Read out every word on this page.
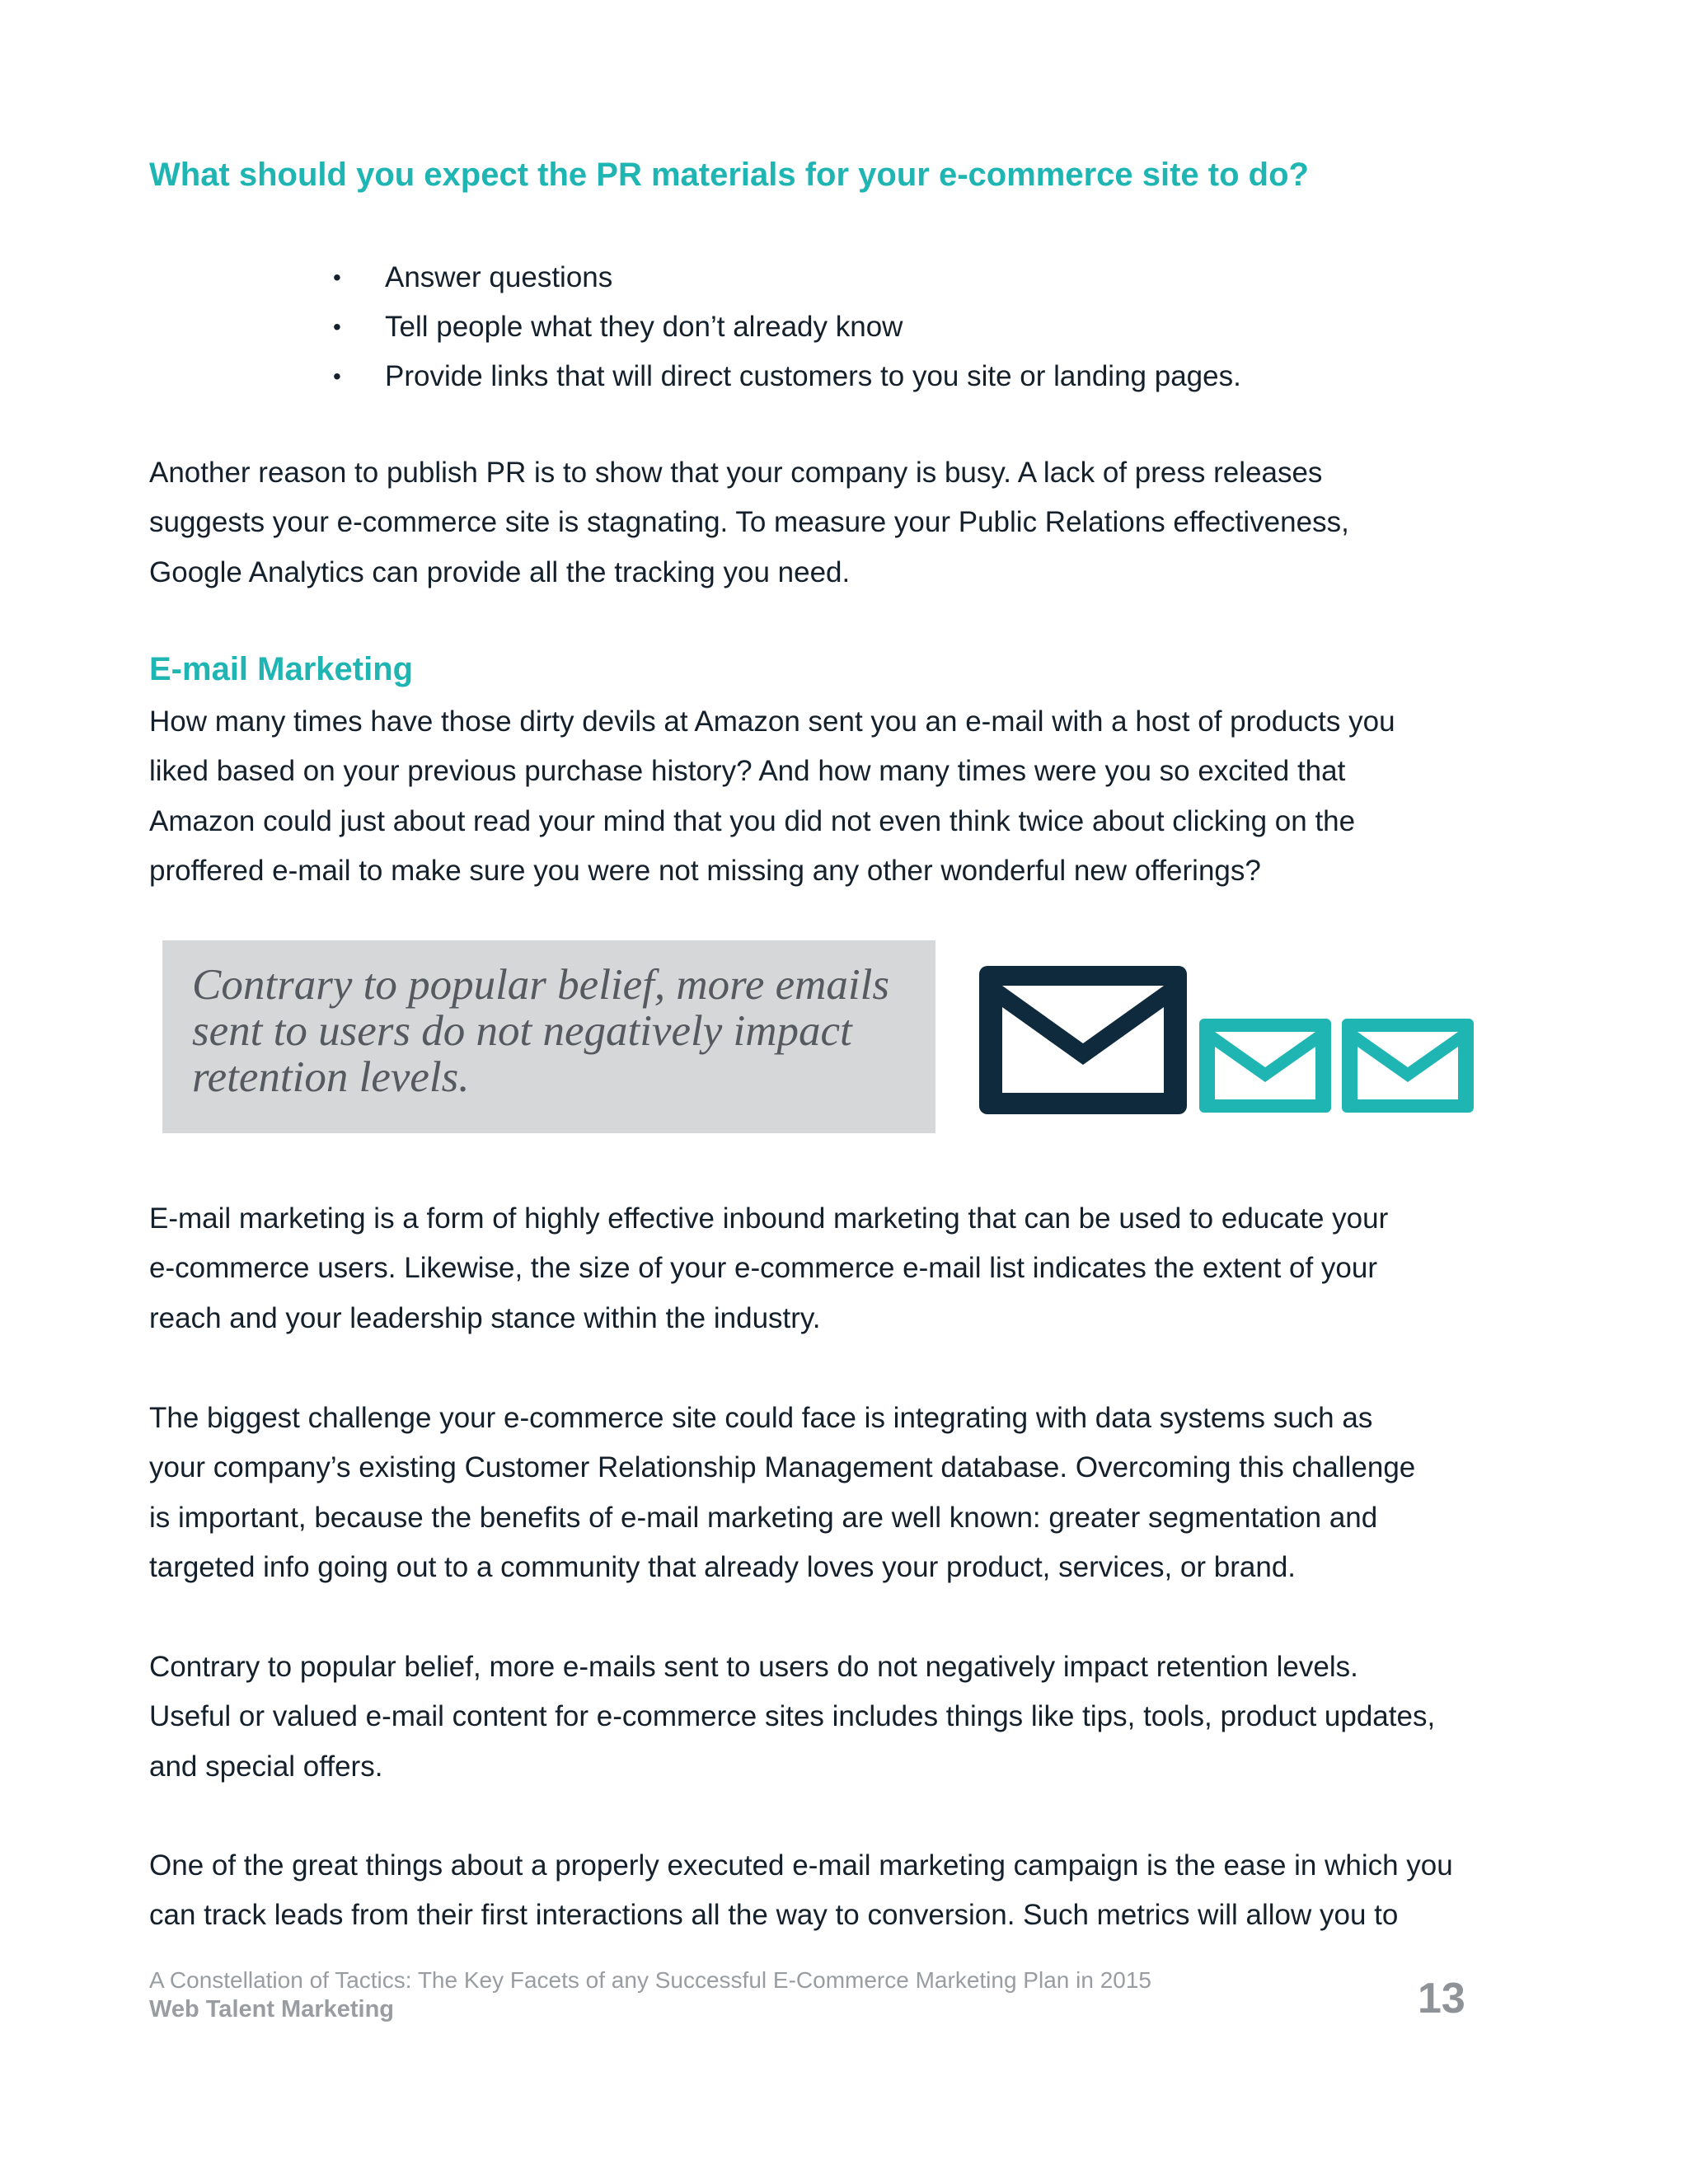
What should you expect the PR materials for your e-commerce site to do?
• Answer questions
• Tell people what they don’t already know
• Provide links that will direct customers to you site or landing pages.

Another reason to publish PR is to show that your company is busy. A lack of press releases
suggests your e-commerce site is stagnating. To measure your Public Relations effectiveness,
Google Analytics can provide all the tracking you need.

E-mail Marketing

How many times have those dirty devils at Amazon sent you an e-mail with a host of products you
liked based on your previous purchase history? And how many times were you so excited that
Amazon could just about read your mind that you did not even think twice about clicking on the
proffered e-mail to make sure you were not missing any other wonderful new offerings?

Contrary to popular belief, more emails
sent to users do not negatively impact
retention levels.

E-mail marketing is a form of highly effective inbound marketing that can be used to educate your
e-commerce users. Likewise, the size of your e-commerce e-mail list indicates the extent of your
reach and your leadership stance within the industry.

The biggest challenge your e-commerce site could face is integrating with data systems such as
your company’s existing Customer Relationship Management database. Overcoming this challenge
is important, because the benefits of e-mail marketing are well known: greater segmentation and
targeted info going out to a community that already loves your product, services, or brand.

Contrary to popular belief, more e-mails sent to users do not negatively impact retention levels.
Useful or valued e-mail content for e-commerce sites includes things like tips, tools, product updates,
and special offers.

One of the great things about a properly executed e-mail marketing campaign is the ease in which you
can track leads from their first interactions all the way to conversion. Such metrics will allow you to

A Constellation of Tactics: The Key Facets of any Successful E-Commerce Marketing Plan in 2015

Web Talent Marketing	13
